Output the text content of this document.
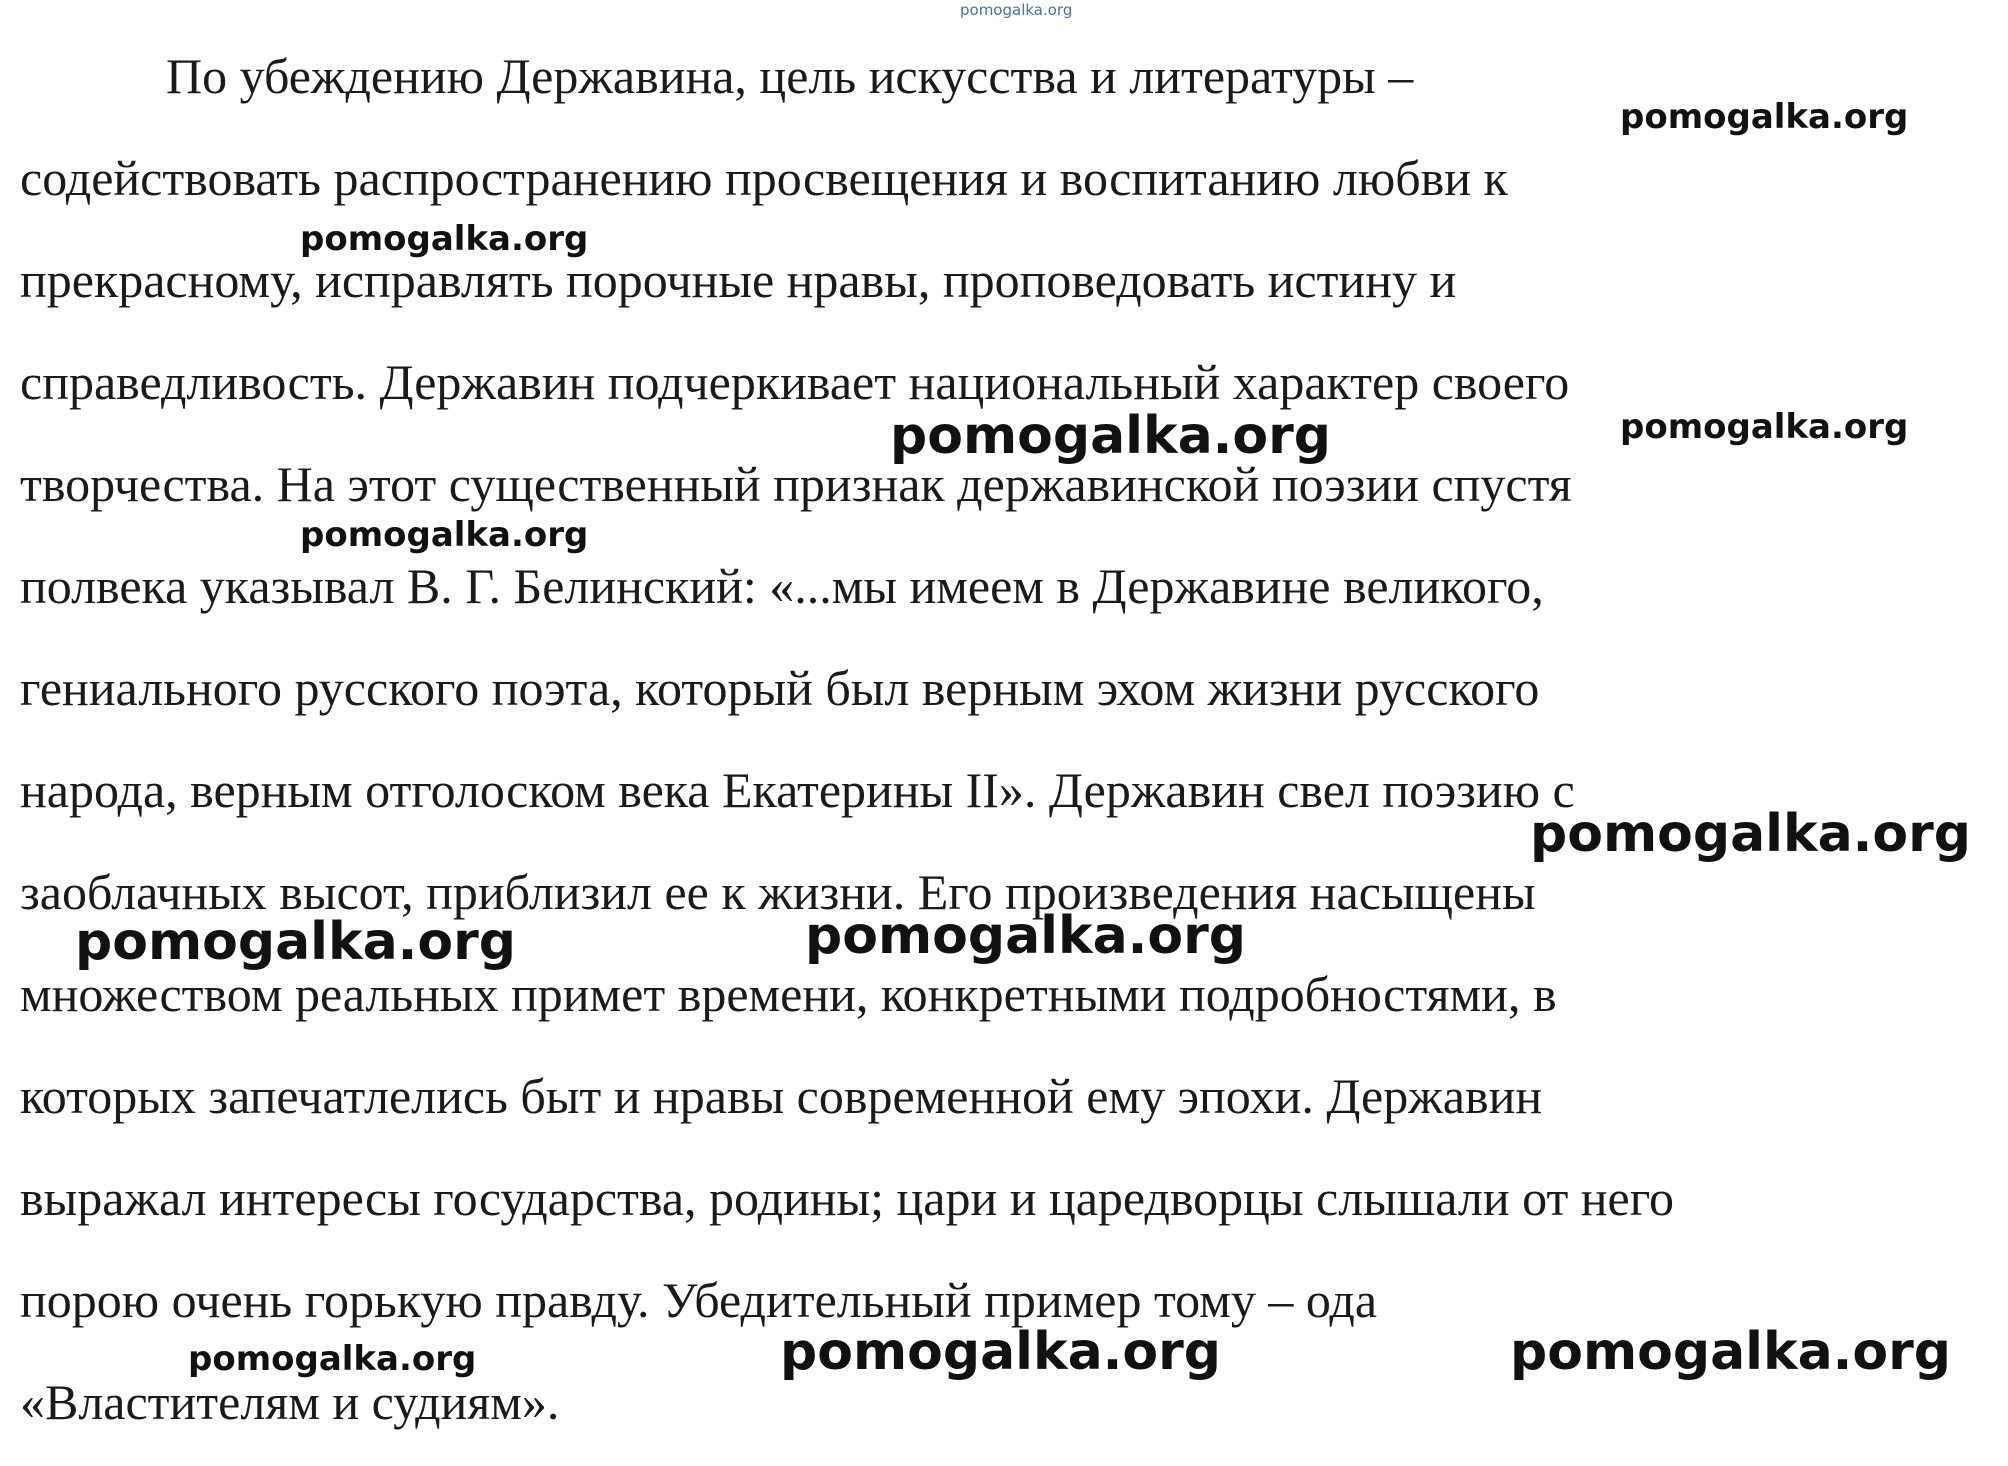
pomogalka.org
По убеждению Державина, цель искусства и литературы –
содействовать распространению просвещения и воспитанию любви к
прекрасному, исправлять порочные нравы, проповедовать истину и
справедливость. Державин подчеркивает национальный характер своего
творчества. На этот существенный признак державинской поэзии спустя
полвека указывал В. Г. Белинский: «...мы имеем в Державине великого,
гениального русского поэта, который был верным эхом жизни русского
народа, верным отголоском века Екатерины II». Державин свел поэзию с
заоблачных высот, приблизил ее к жизни. Его произведения насыщены
множеством реальных примет времени, конкретными подробностями, в
которых запечатлелись быт и нравы современной ему эпохи. Державин
выражал интересы государства, родины; цари и царедворцы слышали от него
порою очень горькую правду. Убедительный пример тому – ода
«Властителям и судиям».
pomogalka.org
pomogalka.org
pomogalka.org	pomogalka.org
pomogalka.org
pomogalka.org
pomogalka.org	pomogalka.org
pomogalka.org	pomogalka.org	pomogalka.org
